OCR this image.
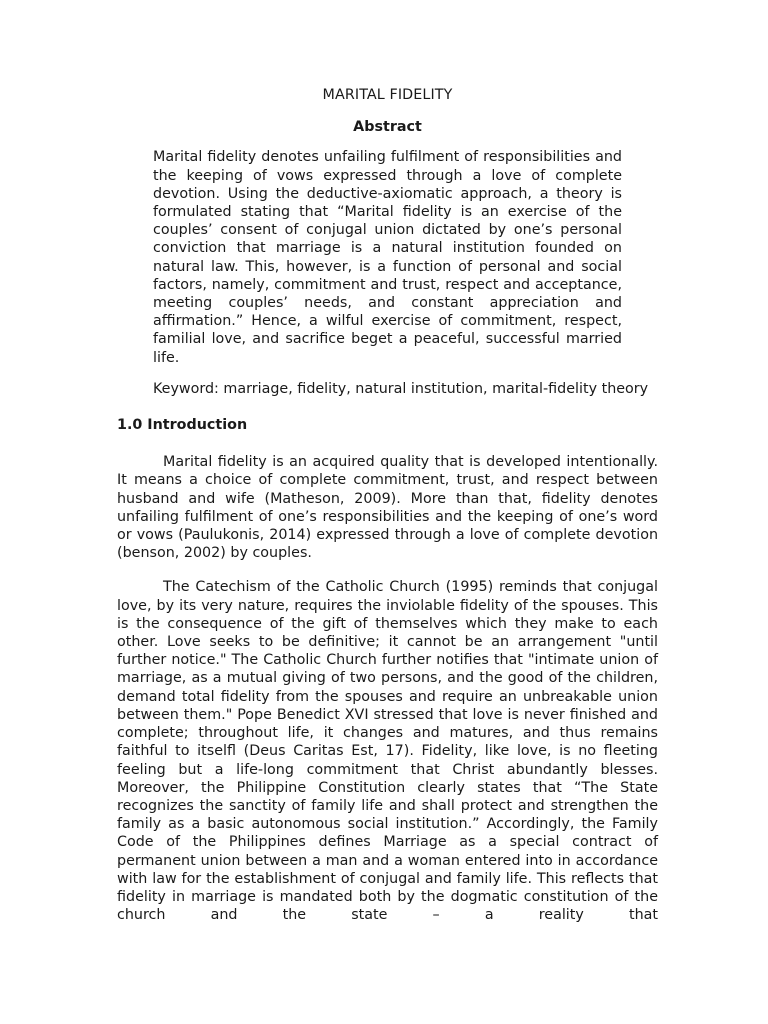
MARITAL FIDELITY
Abstract
Marital fidelity denotes unfailing fulfilment of responsibilities and the keeping of vows expressed through a love of complete devotion. Using the deductive-axiomatic approach, a theory is formulated stating that “Marital fidelity is an exercise of the couples’ consent of conjugal union dictated by one’s personal conviction that marriage is a natural institution founded on natural law. This, however, is a function of personal and social factors, namely, commitment and trust, respect and acceptance, meeting couples’ needs, and constant appreciation and affirmation.” Hence, a wilful exercise of commitment, respect, familial love, and sacrifice beget a peaceful, successful married life.
Keyword: marriage, fidelity, natural institution, marital-fidelity theory
1.0 Introduction
Marital fidelity is an acquired quality that is developed intentionally. It means a choice of complete commitment, trust, and respect between husband and wife (Matheson, 2009). More than that, fidelity denotes unfailing fulfilment of one’s responsibilities and the keeping of one’s word or vows (Paulukonis, 2014) expressed through a love of complete devotion (benson, 2002) by couples.
The Catechism of the Catholic Church (1995) reminds that conjugal love, by its very nature, requires the inviolable fidelity of the spouses. This is the consequence of the gift of themselves which they make to each other. Love seeks to be definitive; it cannot be an arrangement "until further notice." The Catholic Church further notifies that "intimate union of marriage, as a mutual giving of two persons, and the good of the children, demand total fidelity from the spouses and require an unbreakable union between them." Pope Benedict XVI stressed that love is never finished and complete; throughout life, it changes and matures, and thus remains faithful to itselfl (Deus Caritas Est, 17). Fidelity, like love, is no fleeting feeling but a life-long commitment that Christ abundantly blesses. Moreover, the Philippine Constitution clearly states that “The State recognizes the sanctity of family life and shall protect and strengthen the family as a basic autonomous social institution.” Accordingly, the Family Code of the Philippines defines Marriage as a special contract of permanent union between a man and a woman entered into in accordance with law for the establishment of conjugal and family life. This reflects that fidelity in marriage is mandated both by the dogmatic constitution of the church and the state – a reality that
